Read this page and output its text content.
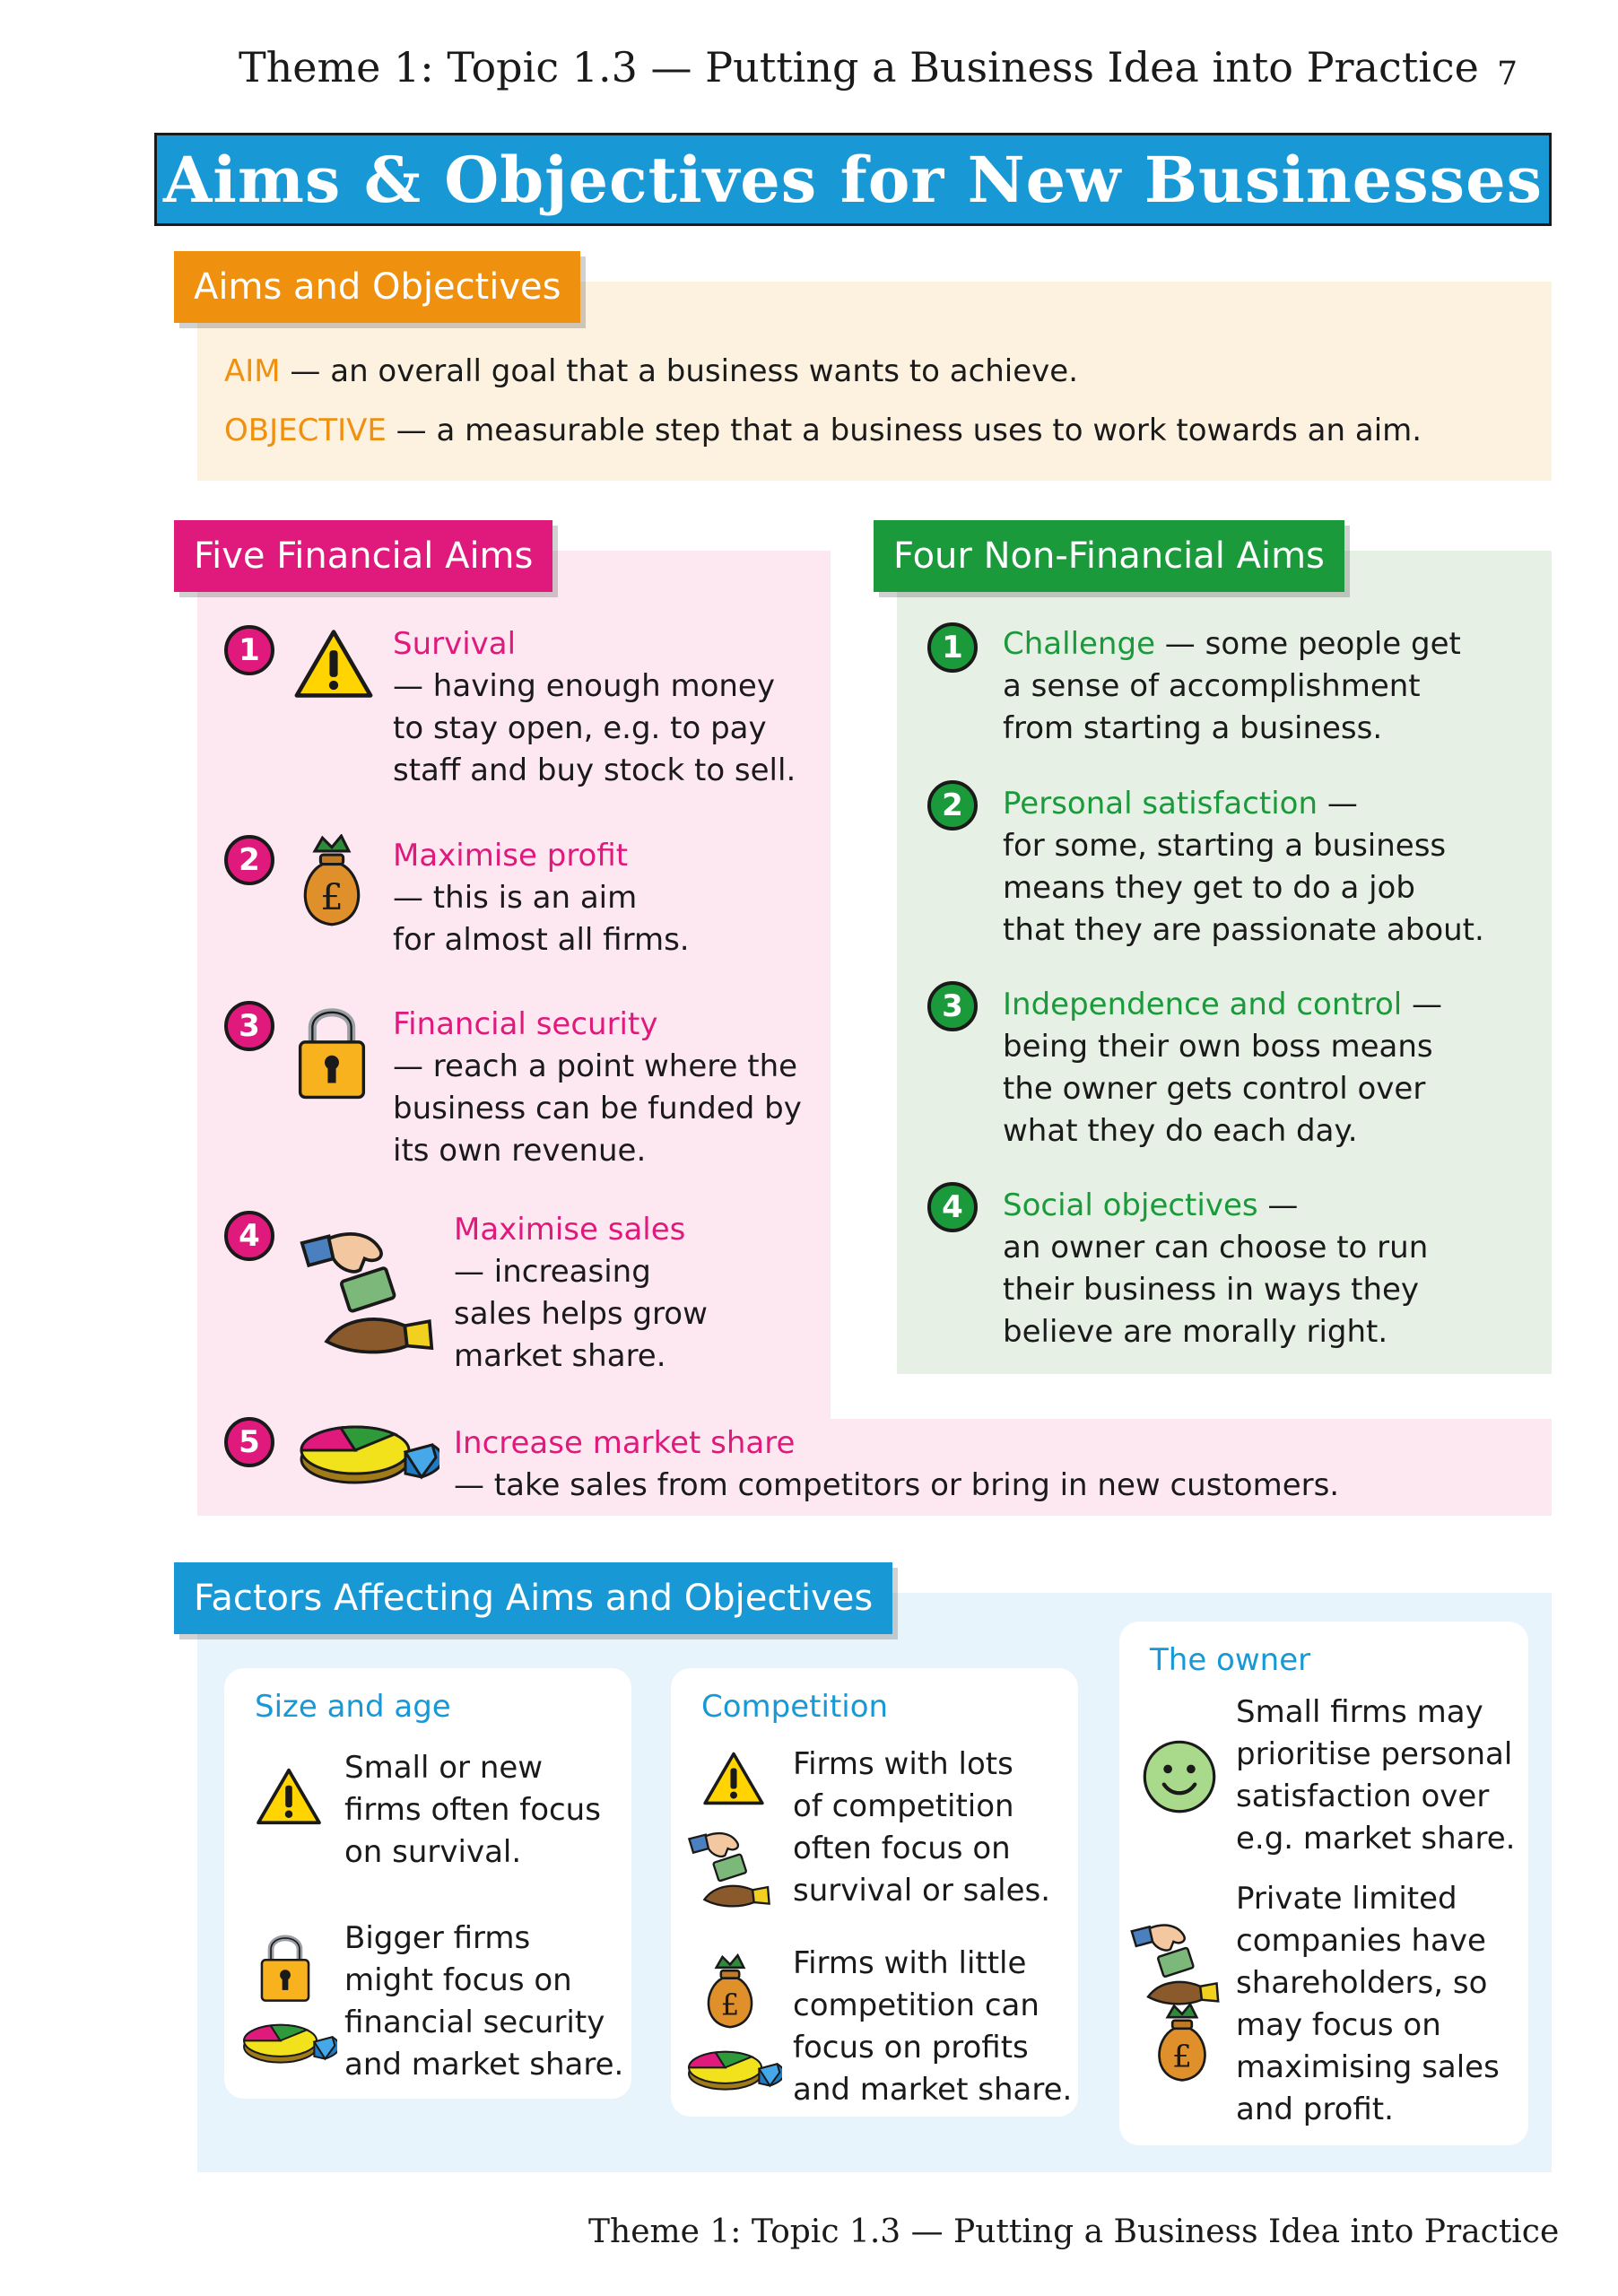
Theme 1: Topic 1.3 — Putting a Business Idea into Practice 7
Aims & Objectives for New Businesses
Aims and Objectives
AIM — an overall goal that a business wants to achieve.
OBJECTIVE — a measurable step that a business uses to work towards an aim.
Five Financial Aims	Four Non-Financial Aims
1	Survival
— having enough money
to stay open, e.g. to pay
staff and buy stock to sell.
2	Maximise profit
— this is an aim
for almost all firms.
3	Financial security
— reach a point where the
business can be funded by
its own revenue.
4	Maximise sales
— increasing
sales helps grow
market share.
5	Increase market share
— take sales from competitors or bring in new customers.
1	Challenge — some people get
a sense of accomplishment
from starting a business.
2	Personal satisfaction —
for some, starting a business
means they get to do a job
that they are passionate about.
3	Independence and control —
being their own boss means
the owner gets control over
what they do each day.
4	Social objectives —
an owner can choose to run
their business in ways they
believe are morally right.
Factors Affecting Aims and Objectives
Size and age
Small or new
firms often focus
on survival.
Bigger firms
might focus on
financial security
and market share.
Competition
Firms with lots
of competition
often focus on
survival or sales.
Firms with little
competition can
focus on profits
and market share.
The owner
Small firms may
prioritise personal
satisfaction over
e.g. market share.
Private limited
companies have
shareholders, so
may focus on
maximising sales
and profit.
Theme 1: Topic 1.3 — Putting a Business Idea into Practice
